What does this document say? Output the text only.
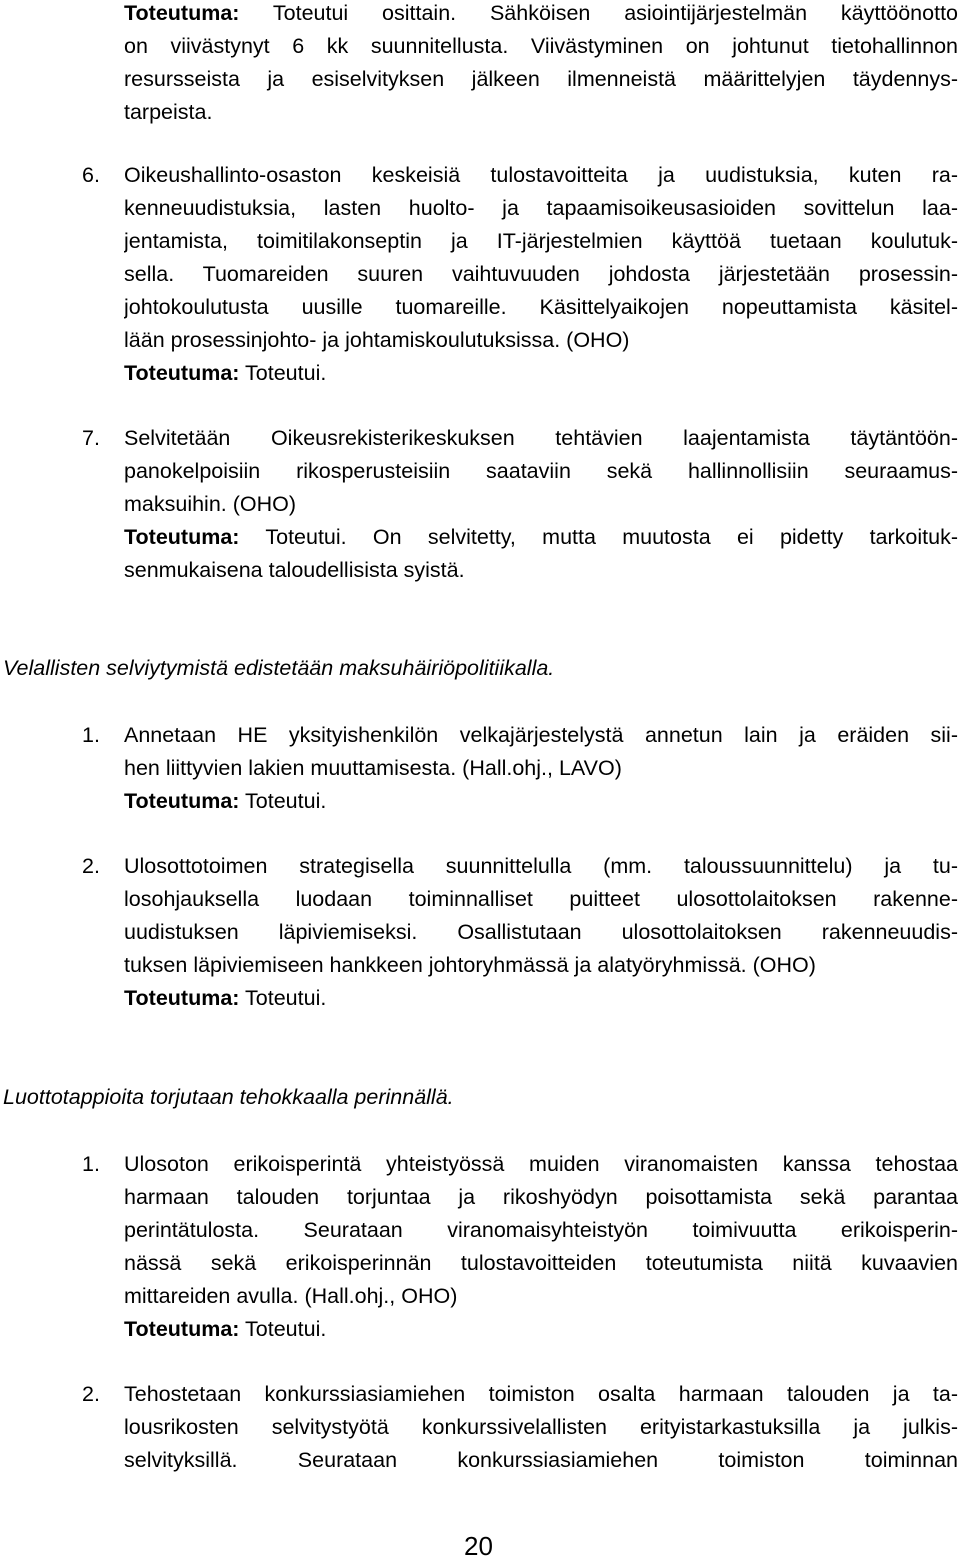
Toteutuma: Toteutui osittain. Sähköisen asiointijärjestelmän käyttöönotto
on viivästynyt 6 kk suunnitellusta. Viivästyminen on johtunut tietohallinnon
resursseista ja esiselvityksen jälkeen ilmenneistä määrittelyjen täydennys-
tarpeista.
6. Oikeushallinto-osaston keskeisiä tulostavoitteita ja uudistuksia, kuten ra-
kenneuudistuksia, lasten huolto- ja tapaamisoikeusasioiden sovittelun laa-
jentamista, toimitilakonseptin ja IT-järjestelmien käyttöä tuetaan koulutuk-
sella. Tuomareiden suuren vaihtuvuuden johdosta järjestetään prosessin-
johtokoulutusta uusille tuomareille. Käsittelyaikojen nopeuttamista käsitel-
lään prosessinjohto- ja johtamiskoulutuksissa. (OHO)
Toteutuma: Toteutui.
7. Selvitetään Oikeusrekisterikeskuksen tehtävien laajentamista täytäntöön-
panokelpoisiin rikosperusteisiin saataviin sekä hallinnollisiin seuraamus-
maksuihin. (OHO)
Toteutuma: Toteutui. On selvitetty, mutta muutosta ei pidetty tarkoituk-
senmukaisena taloudellisista syistä.
Velallisten selviytymistä edistetään maksuhäiriöpolitiikalla.
1. Annetaan HE yksityishenkilön velkajärjestelystä annetun lain ja eräiden sii-
hen liittyvien lakien muuttamisesta. (Hall.ohj., LAVO)
Toteutuma: Toteutui.
2. Ulosottotoimen strategisella suunnittelulla (mm. taloussuunnittelu) ja tu-
losohjauksella luodaan toiminnalliset puitteet ulosottolaitoksen rakenne-
uudistuksen läpiviemiseksi. Osallistutaan ulosottolaitoksen rakenneuudis-
tuksen läpiviemiseen hankkeen johtoryhmässä ja alatyöryhmissä. (OHO)
Toteutuma: Toteutui.
Luottotappioita torjutaan tehokkaalla perinnällä.
1. Ulosoton erikoisperintä yhteistyössä muiden viranomaisten kanssa tehostaa
harmaan talouden torjuntaa ja rikoshyödyn poisottamista sekä parantaa
perintätulosta. Seurataan viranomaisyhteistyön toimivuutta erikoisperin-
nässä sekä erikoisperinnän tulostavoitteiden toteutumista niitä kuvaavien
mittareiden avulla. (Hall.ohj., OHO)
Toteutuma: Toteutui.
2. Tehostetaan konkurssiasiamiehen toimiston osalta harmaan talouden ja ta-
lousrikosten selvitystyötä konkurssivelallisten erityistarkastuksilla ja julkis-
selvityksillä. Seurataan konkurssiasiamiehen toimiston toiminnan
20
